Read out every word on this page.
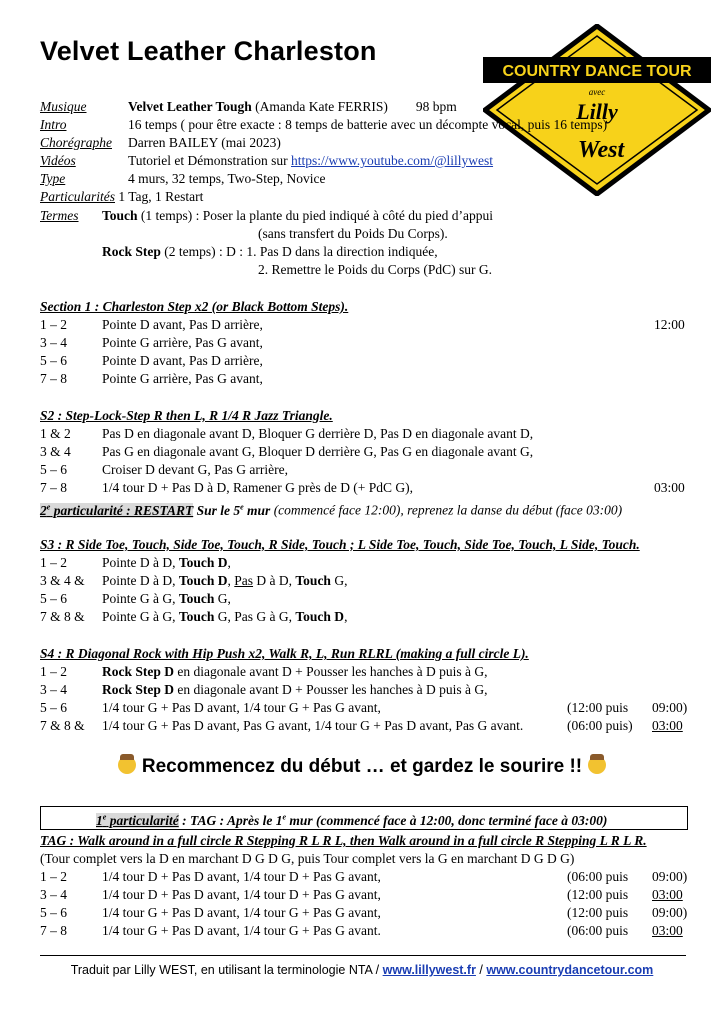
Velvet Leather Charleston
COUNTRY DANCE TOUR
avec
Lilly
West
Musique	Velvet Leather Tough (Amanda Kate FERRIS) 98 bpm
Intro	16 temps ( pour être exacte : 8 temps de batterie avec un décompte vocal, puis 16 temps)
Chorégraphe Darren BAILEY (mai 2023)
Vidéos	Tutoriel et Démonstration sur https://www.youtube.com/@lillywest
Type	4 murs, 32 temps, Two-Step, Novice
Particularités 1 Tag, 1 Restart
Termes Touch (1 temps) : Poser la plante du pied indiqué à côté du pied d’appui
(sans transfert du Poids Du Corps).
Rock Step (2 temps) : D : 1. Pas D dans la direction indiquée,
2. Remettre le Poids du Corps (PdC) sur G.
Section 1 : Charleston Step x2 (or Black Bottom Steps).
1 – 2	Pointe D avant, Pas D arrière,	12:00
3 – 4	Pointe G arrière, Pas G avant,
5 – 6	Pointe D avant, Pas D arrière,
7 – 8	Pointe G arrière, Pas G avant,
S2 : Step-Lock-Step R then L, R 1/4 R Jazz Triangle.
1 & 2 Pas D en diagonale avant D, Bloquer G derrière D, Pas D en diagonale avant D,
3 & 4 Pas G en diagonale avant G, Bloquer D derrière G, Pas G en diagonale avant G,
5 – 6	Croiser D devant G, Pas G arrière,
7 – 8	1/4 tour D + Pas D à D, Ramener G près de D (+ PdC G),	03:00
2e particularité : RESTART Sur le 5e mur (commencé face 12:00), reprenez la danse du début (face 03:00)
S3 : R Side Toe, Touch, Side Toe, Touch, R Side, Touch ; L Side Toe, Touch, Side Toe, Touch, L Side, Touch.
1 – 2	Pointe D à D, Touch D,
3 & 4 & Pointe D à D, Touch D, Pas D à D, Touch G,
5 – 6	Pointe G à G, Touch G,
7 & 8 & Pointe G à G, Touch G, Pas G à G, Touch D,
S4 : R Diagonal Rock with Hip Push x2, Walk R, L, Run RLRL (making a full circle L).
1 – 2	Rock Step D en diagonale avant D + Pousser les hanches à D puis à G,
3 – 4	Rock Step D en diagonale avant D + Pousser les hanches à D puis à G,
5 – 6	1/4 tour G + Pas D avant, 1/4 tour G + Pas G avant,	(12:00 puis 09:00)
7 & 8 & 1/4 tour G + Pas D avant, Pas G avant, 1/4 tour G + Pas D avant, Pas G avant.	(06:00 puis) 03:00
Recommencez du début … et gardez le sourire !!
1e particularité : TAG : Après le 1e mur (commencé face à 12:00, donc terminé face à 03:00)
TAG : Walk around in a full circle R Stepping R L R L, then Walk around in a full circle R Stepping L R L R.
(Tour complet vers la D en marchant D G D G, puis Tour complet vers la G en marchant D G D G)
1 – 2	1/4 tour D + Pas D avant, 1/4 tour D + Pas G avant,	(06:00 puis 09:00)
3 – 4	1/4 tour D + Pas D avant, 1/4 tour D + Pas G avant,	(12:00 puis 03:00
5 – 6	1/4 tour G + Pas D avant, 1/4 tour G + Pas G avant,	(12:00 puis 09:00)
7 – 8	1/4 tour G + Pas D avant, 1/4 tour G + Pas G avant.	(06:00 puis 03:00
Traduit par Lilly WEST, en utilisant la terminologie NTA / www.lillywest.fr / www.countrydancetour.com
